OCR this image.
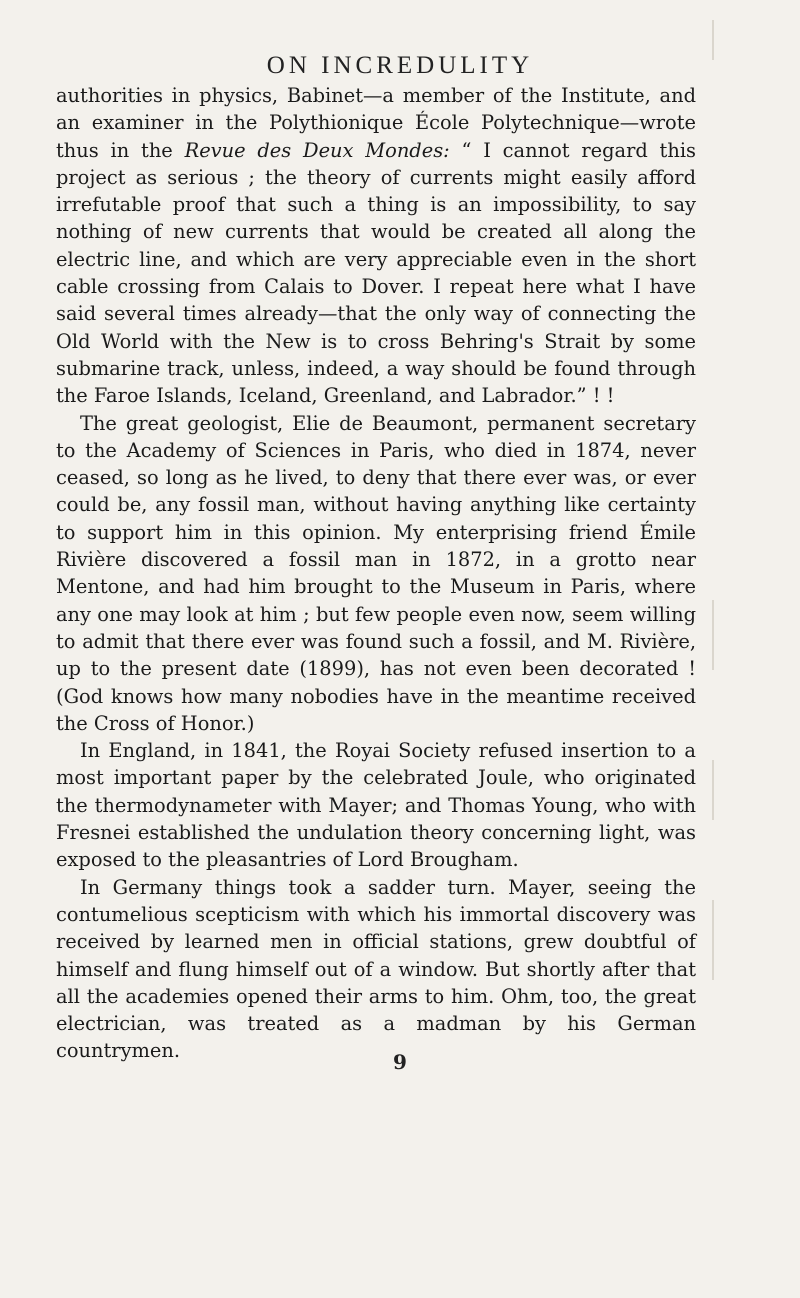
ON INCREDULITY

authorities in physics, Babinet—a member of the Institute, and an examiner in the Polythionique École Polytechnique—wrote thus in the Revue des Deux Mondes: “ I cannot regard this project as serious ; the theory of currents might easily afford irrefutable proof that such a thing is an impossibility, to say nothing of new currents that would be created all along the electric line, and which are very appreciable even in the short cable crossing from Calais to Dover. I repeat here what I have said several times already—that the only way of connecting the Old World with the New is to cross Behring's Strait by some submarine track, unless, indeed, a way should be found through the Faroe Islands, Iceland, Greenland, and Labrador.” ! !

The great geologist, Elie de Beaumont, permanent secretary to the Academy of Sciences in Paris, who died in 1874, never ceased, so long as he lived, to deny that there ever was, or ever could be, any fossil man, without having anything like certainty to support him in this opinion. My enterprising friend Émile Rivière discovered a fossil man in 1872, in a grotto near Mentone, and had him brought to the Museum in Paris, where any one may look at him ; but few people even now, seem willing to admit that there ever was found such a fossil, and M. Rivière, up to the present date (1899), has not even been decorated ! (God knows how many nobodies have in the meantime received the Cross of Honor.)

In England, in 1841, the Royai Society refused insertion to a most important paper by the celebrated Joule, who originated the thermodynameter with Mayer; and Thomas Young, who with Fresnei established the undulation theory concerning light, was exposed to the pleasantries of Lord Brougham.

In Germany things took a sadder turn. Mayer, seeing the contumelious scepticism with which his immortal discovery was received by learned men in official stations, grew doubtful of himself and flung himself out of a window. But shortly after that all the academies opened their arms to him. Ohm, too, the great electrician, was treated as a madman by his German countrymen.	9
